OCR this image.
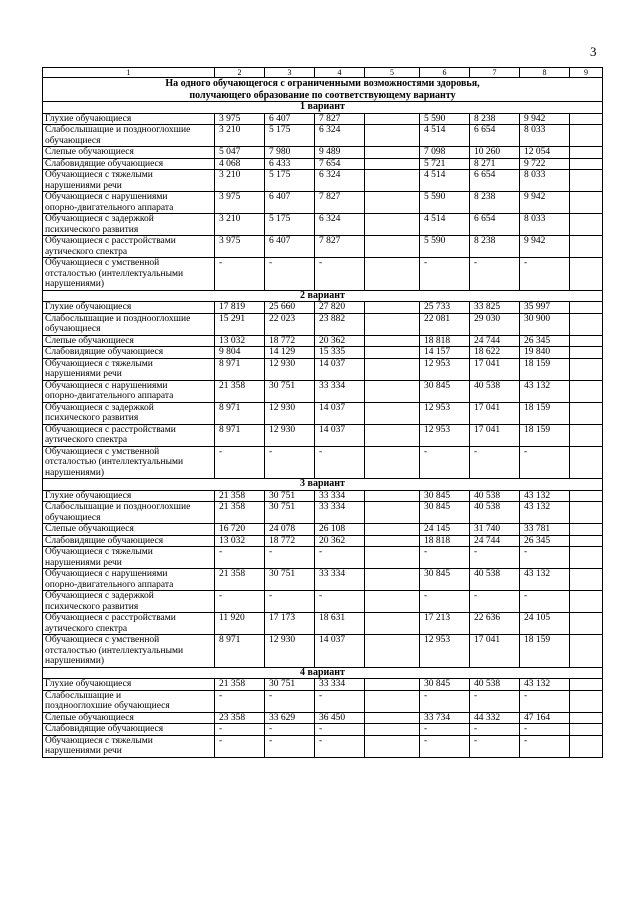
3
1	2	3	4	5	6	7	8	9

На одного обучающегося с ограниченными возможностями здоровья,
получающего образование по соответствующему варианту								

1 вариант								

Глухие обучающиеся	3 975	6 407	7 827		5 590	8 238	9 942	

Слабослышащие и позднооглохшие
обучающиеся	3 210	5 175	6 324		4 514	6 654	8 033	

Слепые обучающиеся	5 047	7 980	9 489		7 098	10 260	12 054	

Слабовидящие обучающиеся	4 068	6 433	7 654		5 721	8 271	9 722	

Обучающиеся с тяжелыми
нарушениями речи	3 210	5 175	6 324		4 514	6 654	8 033	

Обучающиеся с нарушениями
опорно-двигательного аппарата	3 975	6 407	7 827		5 590	8 238	9 942	

Обучающиеся с задержкой
психического развития	3 210	5 175	6 324		4 514	6 654	8 033	

Обучающиеся с расстройствами
аутического спектра	3 975	6 407	7 827		5 590	8 238	9 942	

Обучающиеся с умственной
отсталостью (интеллектуальными
нарушениями)	-	-	-		-	-	-	
2 вариант								

Глухие обучающиеся	17 819	25 660	27 820		25 733	33 825	35 997	

Слабослышащие и позднооглохшие
обучающиеся	15 291	22 023	23 882		22 081	29 030	30 900	

Слепые обучающиеся	13 032	18 772	20 362		18 818	24 744	26 345	

Слабовидящие обучающиеся	9 804	14 129	15 335		14 157	18 622	19 840	

Обучающиеся с тяжелыми
нарушениями речи	8 971	12 930	14 037		12 953	17 041	18 159	

Обучающиеся с нарушениями
опорно-двигательного аппарата	21 358	30 751	33 334		30 845	40 538	43 132	

Обучающиеся с задержкой
психического развития	8 971	12 930	14 037		12 953	17 041	18 159	

Обучающиеся с расстройствами
аутического спектра	8 971	12 930	14 037		12 953	17 041	18 159	

Обучающиеся с умственной
отсталостью (интеллектуальными
нарушениями)	-	-	-		-	-	-	
3 вариант								

Глухие обучающиеся	21 358	30 751	33 334		30 845	40 538	43 132	

Слабослышащие и позднооглохшие
обучающиеся	21 358	30 751	33 334		30 845	40 538	43 132	

Слепые обучающиеся	16 720	24 078	26 108		24 145	31 740	33 781	

Слабовидящие обучающиеся	13 032	18 772	20 362		18 818	24 744	26 345	

Обучающиеся с тяжелыми
нарушениями речи	-	-	-		-	-	-	

Обучающиеся с нарушениями
опорно-двигательного аппарата	21 358	30 751	33 334		30 845	40 538	43 132	

Обучающиеся с задержкой
психического развития	-	-	-		-	-	-	

Обучающиеся с расстройствами
аутического спектра	11 920	17 173	18 631		17 213	22 636	24 105	

Обучающиеся с умственной
отсталостью (интеллектуальными
нарушениями)	8 971	12 930	14 037		12 953	17 041	18 159	
4 вариант								

Глухие обучающиеся	21 358	30 751	33 334		30 845	40 538	43 132	

Слабослышащие и
позднооглохшие обучающиеся	-	-	-		-	-	-	

Слепые обучающиеся	23 358	33 629	36 450		33 734	44 332	47 164	

Слабовидящие обучающиеся	-	-	-		-	-	-	

Обучающиеся с тяжелыми
нарушениями речи	-	-	-		-	-	-	
